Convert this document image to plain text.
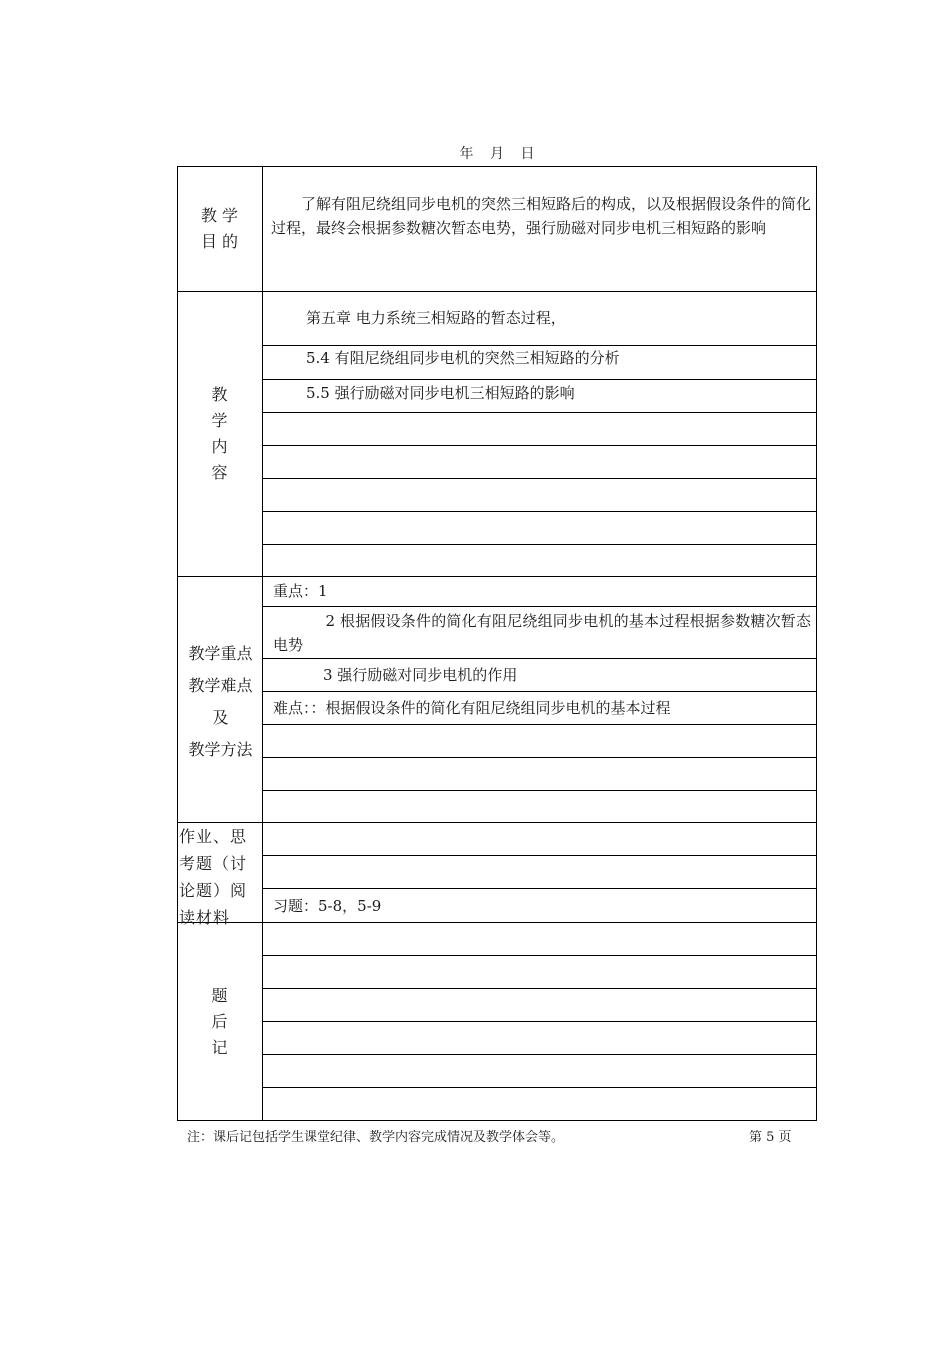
年 月 日
教 学
目 的
了解有阻尼绕组同步电机的突然三相短路后的构成，以及根据假设条件的简化过程，最终会根据参数糖次暂态电势，强行励磁对同步电机三相短路的影响
教
学
内
容
第五章 电力系统三相短路的暂态过程，
5.4 有阻尼绕组同步电机的突然三相短路的分析
5.5 强行励磁对同步电机三相短路的影响
教学重点
教学难点
及
教学方法
重点：1
2 根据假设条件的简化有阻尼绕组同步电机的基本过程根据参数糖次暂态电势
3 强行励磁对同步电机的作用
难点：：根据假设条件的简化有阻尼绕组同步电机的基本过程
作业、思
考题（讨
论题）阅
读材料
习题：5-8，5-9
题
后
记
注：课后记包括学生课堂纪律、教学内容完成情况及教学体会等。	第 5 页
